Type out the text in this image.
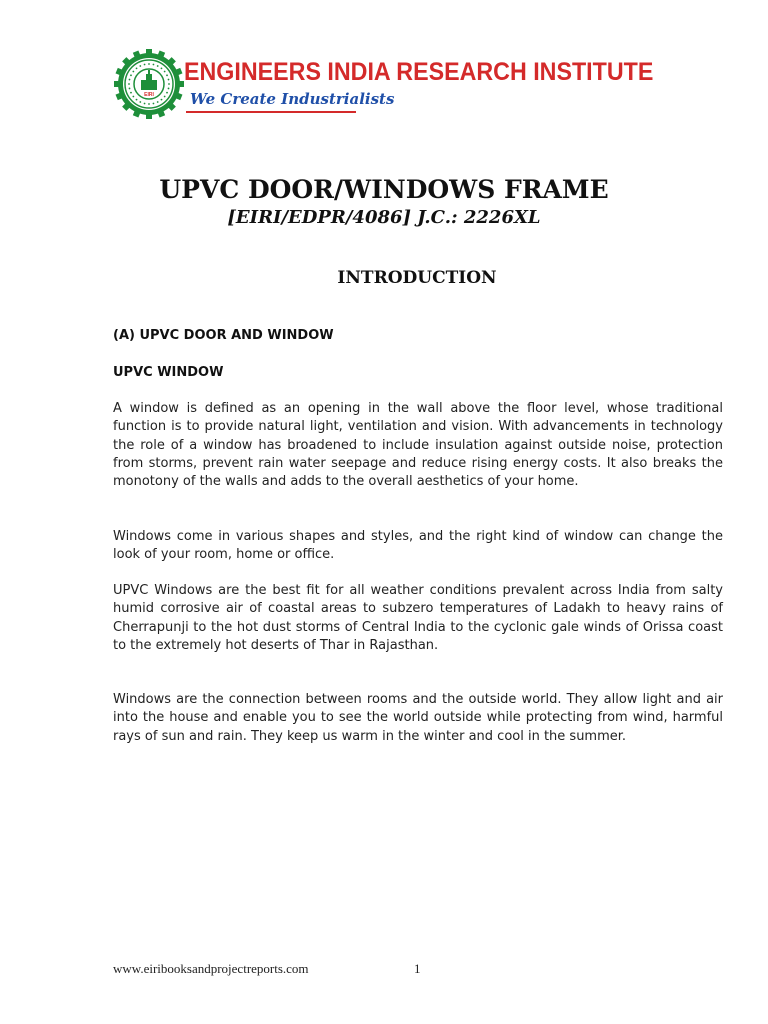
EIRI
ENGINEERS INDIA RESEARCH INSTITUTE
We Create Industrialists
UPVC DOOR/WINDOWS FRAME
[EIRI/EDPR/4086] J.C.: 2226XL
INTRODUCTION
(A) UPVC DOOR AND WINDOW
UPVC WINDOW
A window is defined as an opening in the wall above the floor level, whose traditional function is to provide natural light, ventilation and vision. With advancements in technology the role of a window has broadened to include insulation against outside noise, protection from storms, prevent rain water seepage and reduce rising energy costs. It also breaks the monotony of the walls and adds to the overall aesthetics of your home.
Windows come in various shapes and styles, and the right kind of window can change the look of your room, home or office.
UPVC Windows are the best fit for all weather conditions prevalent across India from salty humid corrosive air of coastal areas to subzero temperatures of Ladakh to heavy rains of Cherrapunji to the hot dust storms of Central India to the cyclonic gale winds of Orissa coast to the extremely hot deserts of Thar in Rajasthan.
Windows are the connection between rooms and the outside world. They allow light and air into the house and enable you to see the world outside while protecting from wind, harmful rays of sun and rain. They keep us warm in the winter and cool in the summer.
www.eiribooksandprojectreports.com	1
